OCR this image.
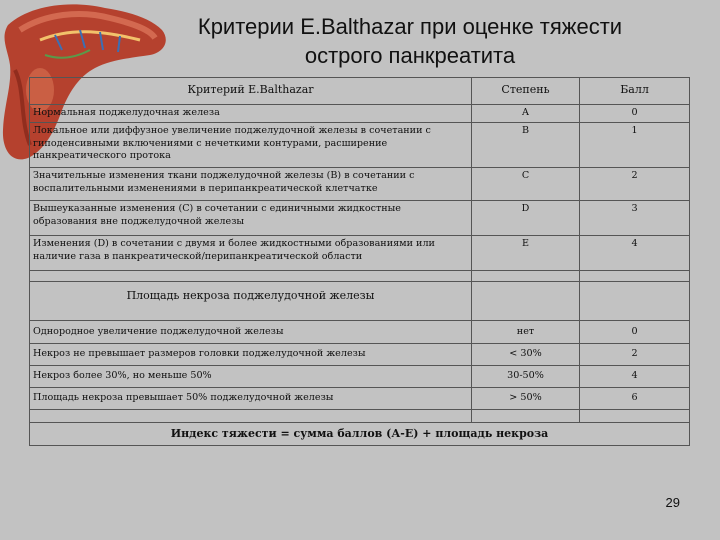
Критерии E.Balthazar при оценке тяжести
острого панкреатита
Критерий E.Balthazar	Степень	Балл
Нормальная поджелудочная железа	A	0
Локальное или диффузное увеличение поджелудочной железы в сочетании с гиподенсивными включениями с нечеткими контурами, расширение панкреатического протока	B	1
Значительные изменения ткани поджелудочной железы (B) в сочетании с воспалительными изменениями в перипанкреатической клетчатке	C	2
Вышеуказанные изменения (C) в сочетании с единичными жидкостные образования вне поджелудочной железы	D	3
Изменения (D) в сочетании с двумя и более жидкостными образованиями или наличие газа в панкреатической/перипанкреатической области	E	4

Площадь некроза поджелудочной железы		
Однородное увеличение поджелудочной железы	нет	0
Некроз не превышает размеров головки поджелудочной железы	< 30%	2
Некроз более 30%, но меньше 50%	30-50%	4
Площадь некроза превышает 50% поджелудочной железы	> 50%	6

Индекс тяжести = сумма баллов (А-Е) + площадь некроза		
29
